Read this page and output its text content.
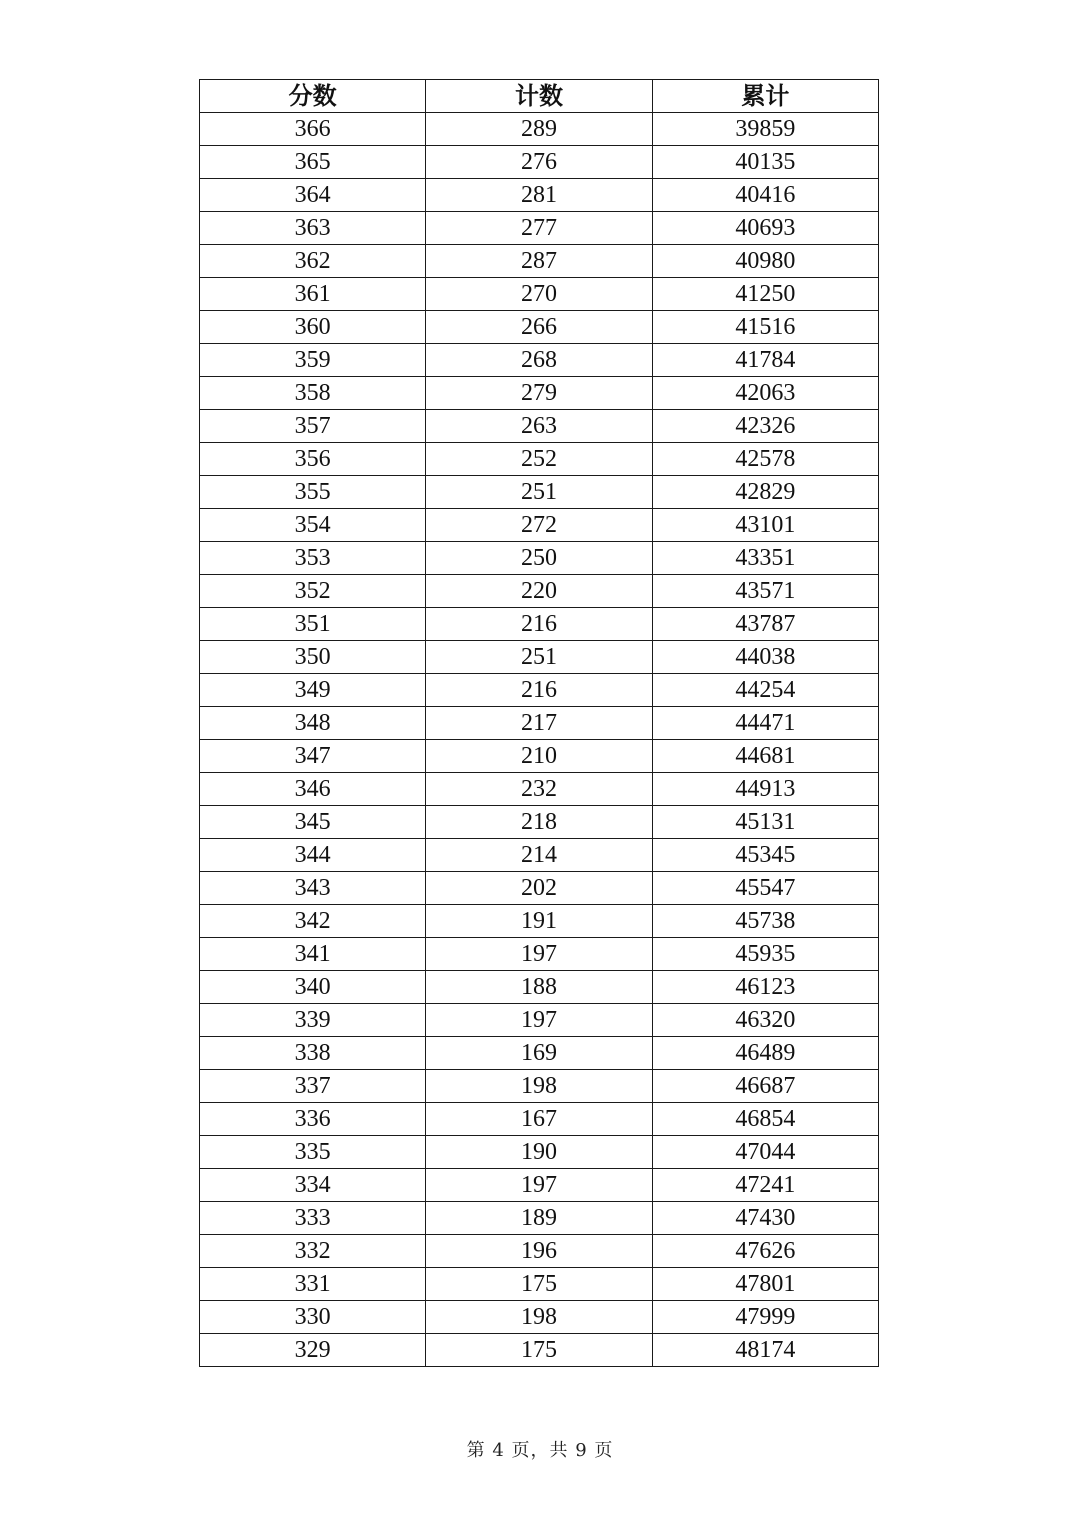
分数	计数	累计
366	289	39859
365	276	40135
364	281	40416
363	277	40693
362	287	40980
361	270	41250
360	266	41516
359	268	41784
358	279	42063
357	263	42326
356	252	42578
355	251	42829
354	272	43101
353	250	43351
352	220	43571
351	216	43787
350	251	44038
349	216	44254
348	217	44471
347	210	44681
346	232	44913
345	218	45131
344	214	45345
343	202	45547
342	191	45738
341	197	45935
340	188	46123
339	197	46320
338	169	46489
337	198	46687
336	167	46854
335	190	47044
334	197	47241
333	189	47430
332	196	47626
331	175	47801
330	198	47999
329	175	48174
第 4 页，共 9 页
